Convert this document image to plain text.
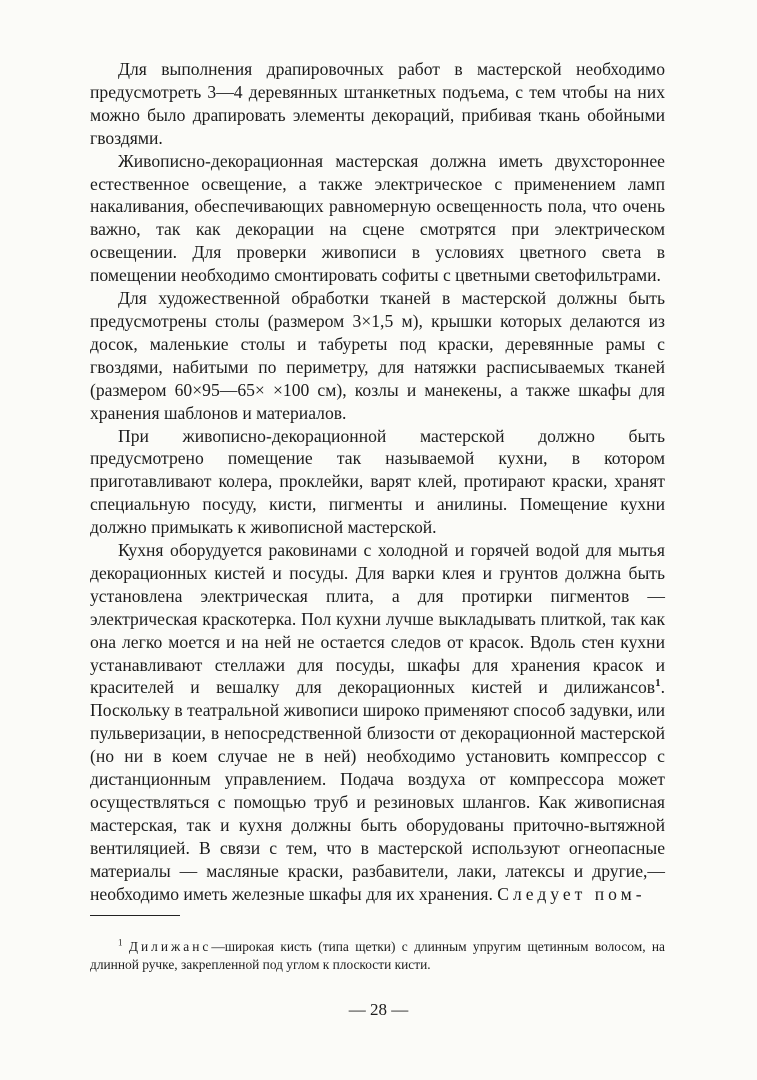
Для выполнения драпировочных работ в мастерской необходимо предусмотреть 3—4 деревянных штанкетных подъема, с тем чтобы на них можно было драпировать элементы декораций, прибивая ткань обойными гвоздями.

Живописно-декорационная мастерская должна иметь двухстороннее естественное освещение, а также электрическое с применением ламп накаливания, обеспечивающих равномерную освещенность пола, что очень важно, так как декорации на сцене смотрятся при электрическом освещении. Для проверки живописи в условиях цветного света в помещении необходимо смонтировать софиты с цветными светофильтрами.

Для художественной обработки тканей в мастерской должны быть предусмотрены столы (размером 3×1,5 м), крышки которых делаются из досок, маленькие столы и табуреты под краски, деревянные рамы с гвоздями, набитыми по периметру, для натяжки расписываемых тканей (размером 60×95—65× ×100 см), козлы и манекены, а также шкафы для хранения шаблонов и материалов.

При живописно-декорационной мастерской должно быть предусмотрено помещение так называемой кухни, в котором приготавливают колера, проклейки, варят клей, протирают краски, хранят специальную посуду, кисти, пигменты и анилины. Помещение кухни должно примыкать к живописной мастерской.

Кухня оборудуется раковинами с холодной и горячей водой для мытья декорационных кистей и посуды. Для варки клея и грунтов должна быть установлена электрическая плита, а для протирки пигментов — электрическая краскотерка. Пол кухни лучше выкладывать плиткой, так как она легко моется и на ней не остается следов от красок. Вдоль стен кухни устанавливают стеллажи для посуды, шкафы для хранения красок и красителей и вешалку для декорационных кистей и дилижансов$^1$. Поскольку в театральной живописи широко применяют способ задувки, или пульверизации, в непосредственной близости от декорационной мастерской (но ни в коем случае не в ней) необходимо установить компрессор с дистанционным управлением. Подача воздуха от компрессора может осуществляться с помощью труб и резиновых шлангов. Как живописная мастерская, так и кухня должны быть оборудованы приточно-вытяжной вентиляцией. В связи с тем, что в мастерской используют огнеопасные материалы — масляные краски, разбавители, лаки, латексы и другие,— необходимо иметь железные шкафы для их хранения. Следует пом-

$^1$ Дилижанс—широкая кисть (типа щетки) с длинным упругим щетинным волосом, на длинной ручке, закрепленной под углом к плоскости кисти.
— 28 —
